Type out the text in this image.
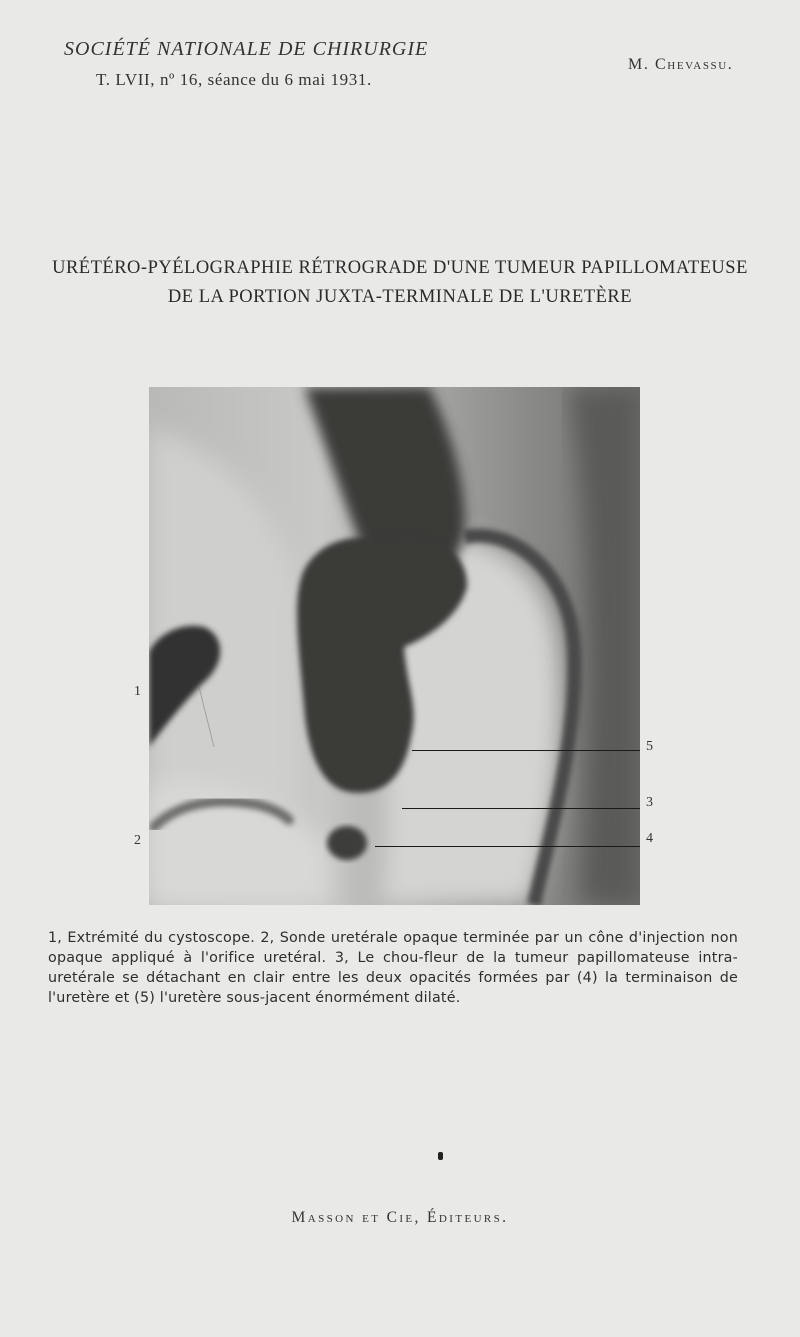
SOCIÉTÉ NATIONALE DE CHIRURGIE
T. LVII, nº 16, séance du 6 mai 1931.
M. Chevassu.
URÉTÉRO-PYÉLOGRAPHIE RÉTROGRADE D'UNE TUMEUR PAPILLOMATEUSE
DE LA PORTION JUXTA-TERMINALE DE L'URETÈRE
1
2
5
3
4
1, Extrémité du cystoscope. 2, Sonde uretérale opaque terminée par un cône d'injection non opaque appliqué à l'orifice uretéral. 3, Le chou-fleur de la tumeur papillomateuse intra-uretérale se détachant en clair entre les deux opacités formées par (4) la terminaison de l'uretère et (5) l'uretère sous-jacent énormément dilaté.
Masson et Cie, Éditeurs.
